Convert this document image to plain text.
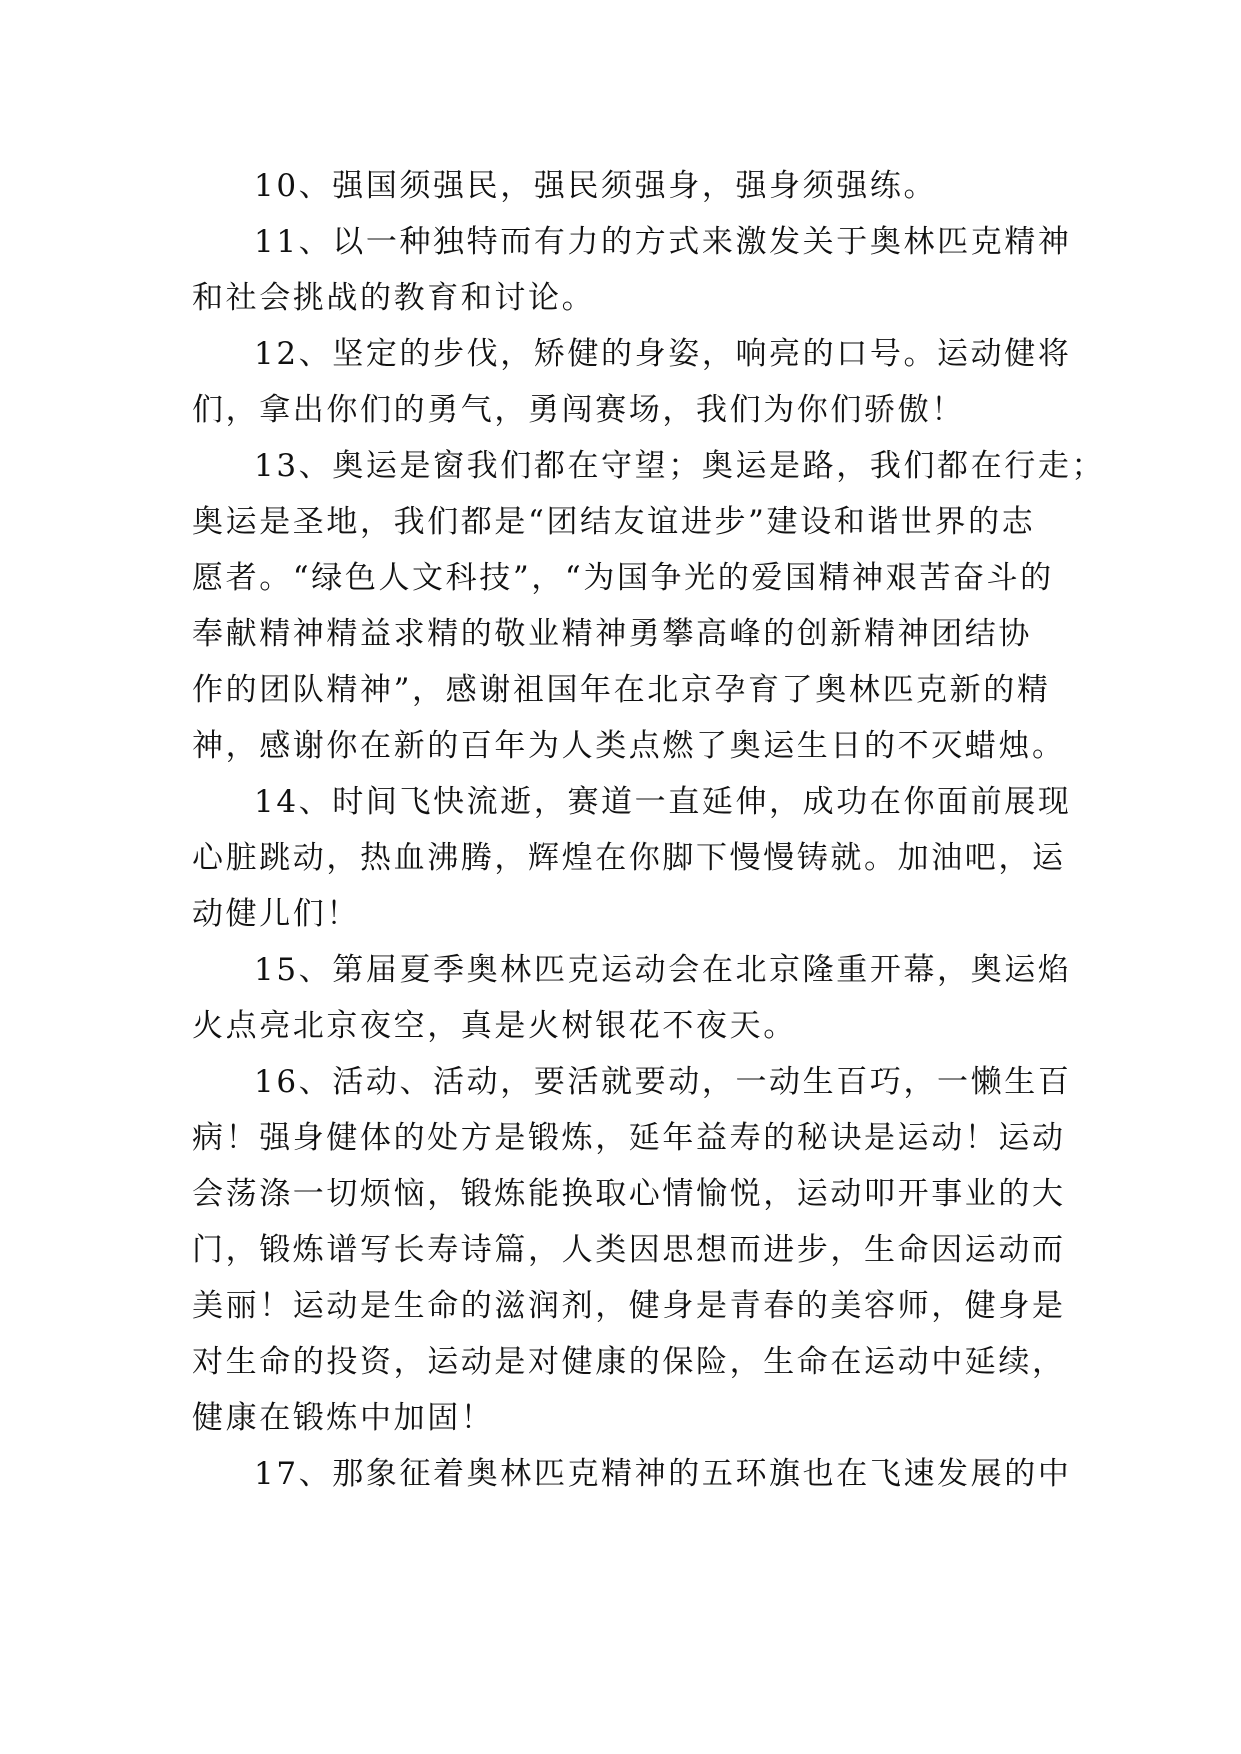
10、强国须强民，强民须强身，强身须强练。
11、以一种独特而有力的方式来激发关于奥林匹克精神
和社会挑战的教育和讨论。
12、坚定的步伐，矫健的身姿，响亮的口号。运动健将
们，拿出你们的勇气，勇闯赛场，我们为你们骄傲！
13、奥运是窗我们都在守望；奥运是路，我们都在行走；
奥运是圣地，我们都是“团结友谊进步”建设和谐世界的志
愿者。“绿色人文科技”，“为国争光的爱国精神艰苦奋斗的
奉献精神精益求精的敬业精神勇攀高峰的创新精神团结协
作的团队精神”，感谢祖国年在北京孕育了奥林匹克新的精
神，感谢你在新的百年为人类点燃了奥运生日的不灭蜡烛。
14、时间飞快流逝，赛道一直延伸，成功在你面前展现
心脏跳动，热血沸腾，辉煌在你脚下慢慢铸就。加油吧，运
动健儿们！
15、第届夏季奥林匹克运动会在北京隆重开幕，奥运焰
火点亮北京夜空，真是火树银花不夜天。
16、活动、活动，要活就要动，一动生百巧，一懒生百
病！强身健体的处方是锻炼，延年益寿的秘诀是运动！运动
会荡涤一切烦恼，锻炼能换取心情愉悦，运动叩开事业的大
门，锻炼谱写长寿诗篇，人类因思想而进步，生命因运动而
美丽！运动是生命的滋润剂，健身是青春的美容师，健身是
对生命的投资，运动是对健康的保险，生命在运动中延续，
健康在锻炼中加固！
17、那象征着奥林匹克精神的五环旗也在飞速发展的中
